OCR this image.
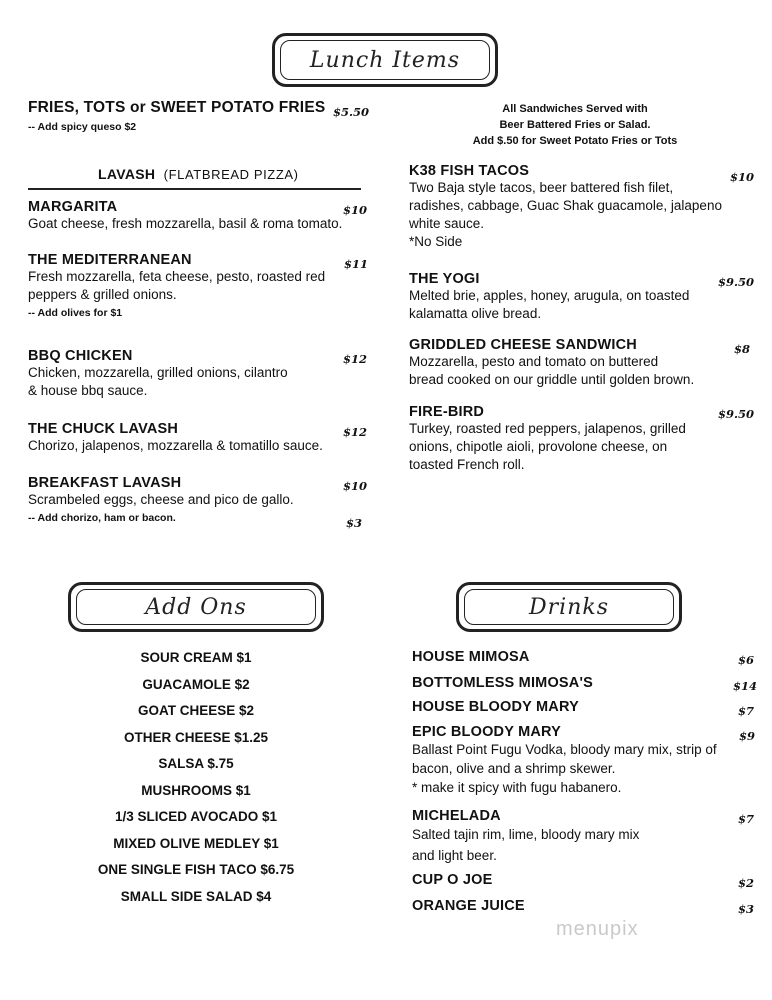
Lunch Items
Add Ons	Drinks
FRIES, TOTS or SWEET POTATO FRIES
-- Add spicy queso $2
$5.50
LAVASH (FLATBREAD PIZZA)
MARGARITA
Goat cheese, fresh mozzarella, basil & roma tomato.
$10
THE MEDITERRANEAN
Fresh mozzarella, feta cheese, pesto, roasted red
peppers & grilled onions.
-- Add olives for $1
$11
BBQ CHICKEN
Chicken, mozzarella, grilled onions, cilantro
& house bbq sauce.
$12
THE CHUCK LAVASH
Chorizo, jalapenos, mozzarella & tomatillo sauce.
$12
BREAKFAST LAVASH
Scrambeled eggs, cheese and pico de gallo.
-- Add chorizo, ham or bacon.
$10
$3
All Sandwiches Served with
Beer Battered Fries or Salad.
Add $.50 for Sweet Potato Fries or Tots
K38 FISH TACOS
Two Baja style tacos, beer battered fish filet,
radishes, cabbage, Guac Shak guacamole, jalapeno
white sauce.
*No Side
$10
THE YOGI
Melted brie, apples, honey, arugula, on toasted
kalamatta olive bread.
$9.50
GRIDDLED CHEESE SANDWICH
Mozzarella, pesto and tomato on buttered
bread cooked on our griddle until golden brown.
$8
FIRE-BIRD
Turkey, roasted red peppers, jalapenos, grilled
onions, chipotle aioli, provolone cheese, on
toasted French roll.
$9.50
SOUR CREAM $1
GUACAMOLE $2
GOAT CHEESE $2
OTHER CHEESE $1.25
SALSA $.75
MUSHROOMS $1
1/3 SLICED AVOCADO $1
MIXED OLIVE MEDLEY $1
ONE SINGLE FISH TACO $6.75
SMALL SIDE SALAD $4
HOUSE MIMOSA	$6
BOTTOMLESS MIMOSA'S	$14
HOUSE BLOODY MARY	$7
EPIC BLOODY MARY
Ballast Point Fugu Vodka, bloody mary mix, strip of
bacon, olive and a shrimp skewer.
* make it spicy with fugu habanero.
$9
MICHELADA
Salted tajin rim, lime, bloody mary mix
and light beer.
$7
CUP O JOE	$2
ORANGE JUICE	$3
menupix
